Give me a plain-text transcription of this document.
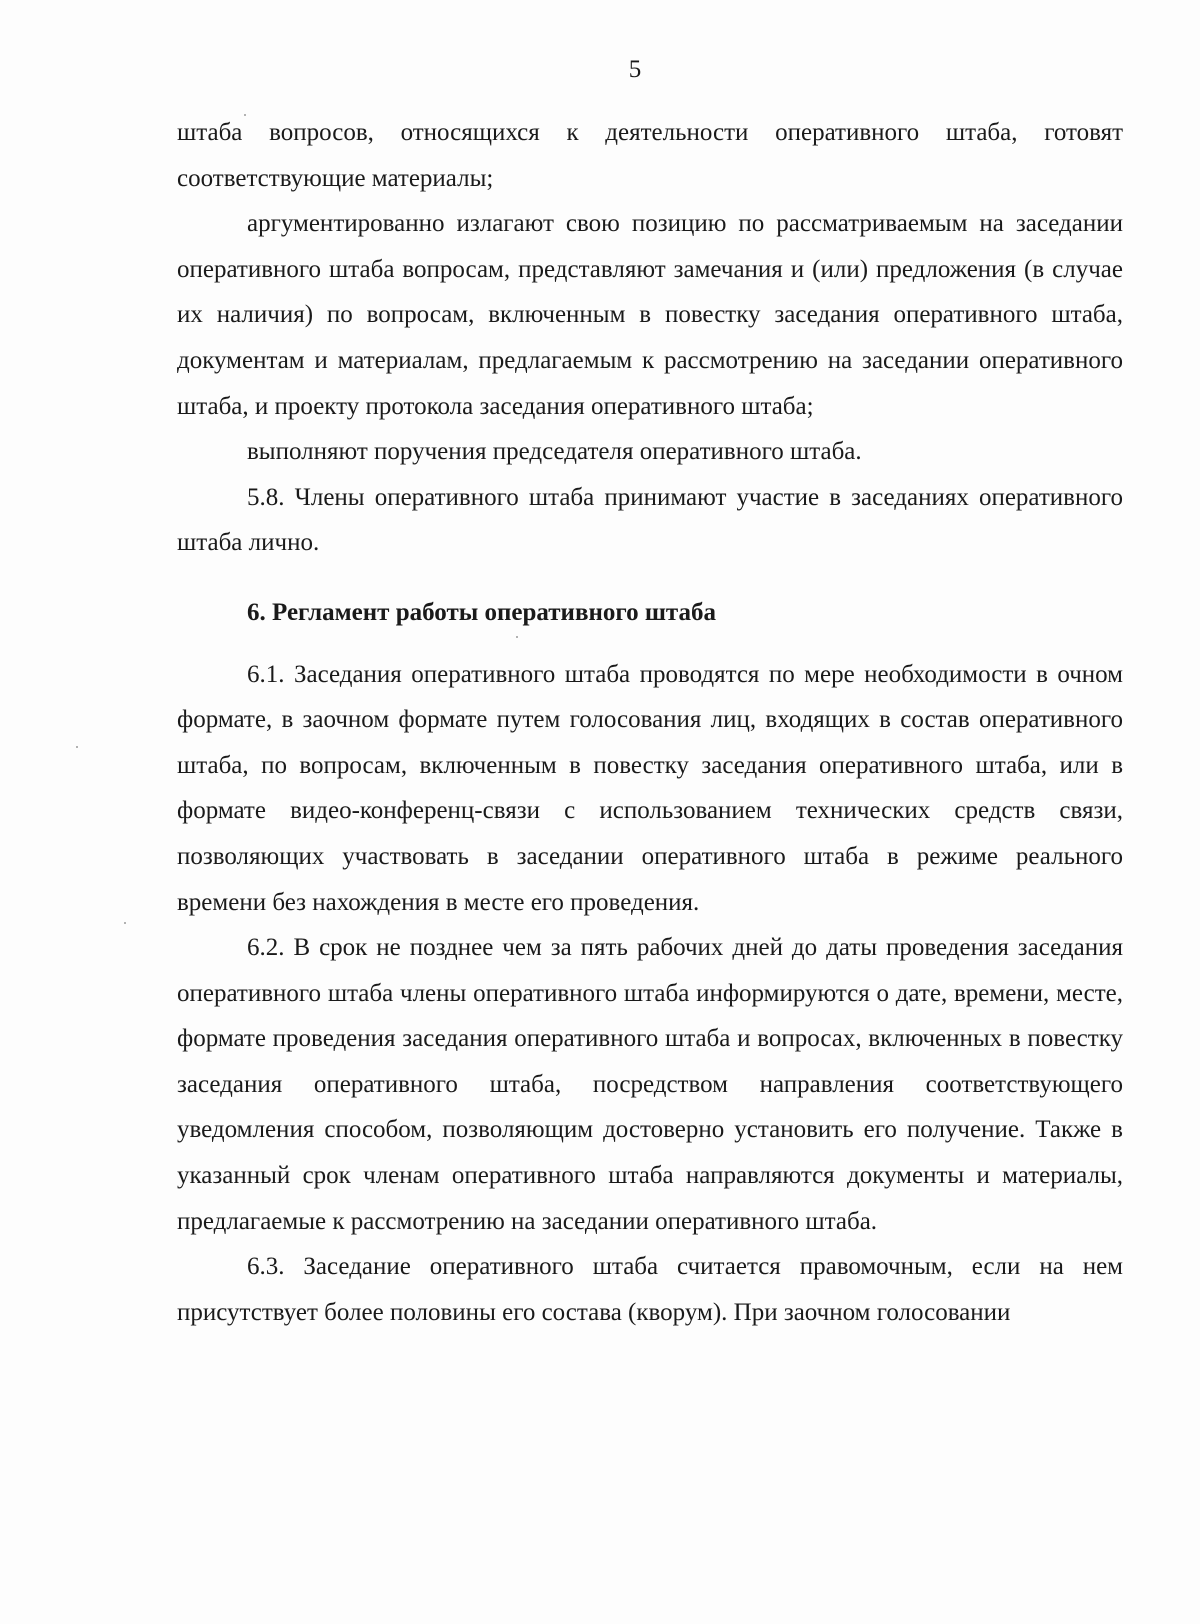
5

штаба вопросов, относящихся к деятельности оперативного штаба, готовят соответствующие материалы;

аргументированно излагают свою позицию по рассматриваемым на заседании оперативного штаба вопросам, представляют замечания и (или) предложения (в случае их наличия) по вопросам, включенным в повестку заседания оперативного штаба, документам и материалам, предлагаемым к рассмотрению на заседании оперативного штаба, и проекту протокола заседания оперативного штаба;

выполняют поручения председателя оперативного штаба.

5.8. Члены оперативного штаба принимают участие в заседаниях оперативного штаба лично.

6. Регламент работы оперативного штаба

6.1. Заседания оперативного штаба проводятся по мере необходимости в очном формате, в заочном формате путем голосования лиц, входящих в состав оперативного штаба, по вопросам, включенным в повестку заседания оперативного штаба, или в формате видео-конференц-связи с использованием технических средств связи, позволяющих участвовать в заседании оперативного штаба в режиме реального времени без нахождения в месте его проведения.

6.2. В срок не позднее чем за пять рабочих дней до даты проведения заседания оперативного штаба члены оперативного штаба информируются о дате, времени, месте, формате проведения заседания оперативного штаба и вопросах, включенных в повестку заседания оперативного штаба, посредством направления соответствующего уведомления способом, позволяющим достоверно установить его получение. Также в указанный срок членам оперативного штаба направляются документы и материалы, предлагаемые к рассмотрению на заседании оперативного штаба.

6.3. Заседание оперативного штаба считается правомочным, если на нем присутствует более половины его состава (кворум). При заочном голосовании
